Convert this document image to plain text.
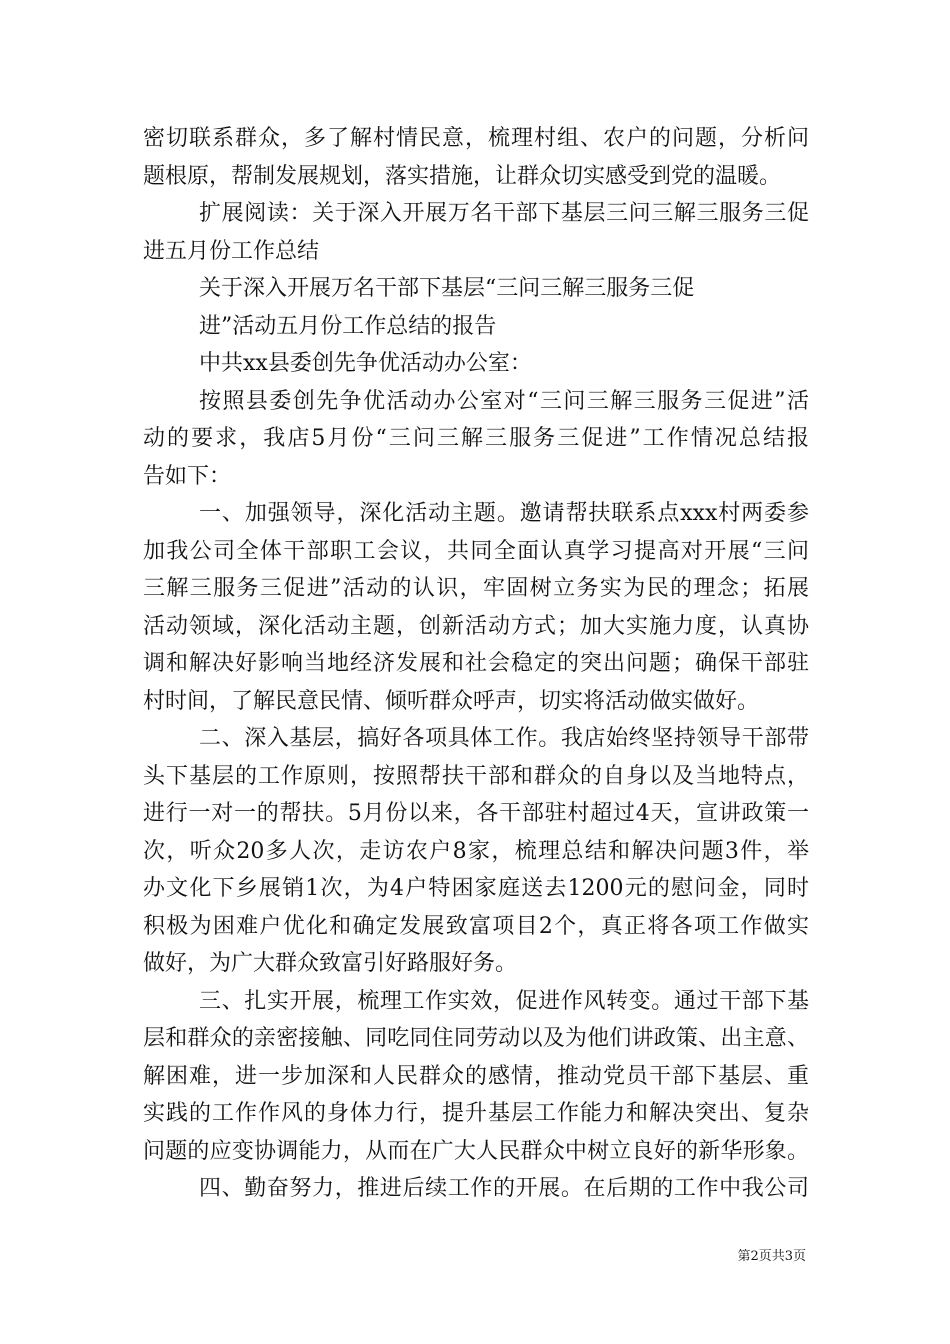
密切联系群众，多了解村情民意，梳理村组、农户的问题，分析问
题根原，帮制发展规划，落实措施，让群众切实感受到党的温暖。
扩展阅读：关于深入开展万名干部下基层三问三解三服务三促
进五月份工作总结
关于深入开展万名干部下基层“三问三解三服务三促
进”活动五月份工作总结的报告
中共xx县委创先争优活动办公室：
按照县委创先争优活动办公室对“三问三解三服务三促进”活
动的要求，我店5月份“三问三解三服务三促进”工作情况总结报
告如下：
一、加强领导，深化活动主题。邀请帮扶联系点xxx村两委参
加我公司全体干部职工会议，共同全面认真学习提高对开展“三问
三解三服务三促进”活动的认识，牢固树立务实为民的理念；拓展
活动领域，深化活动主题，创新活动方式；加大实施力度，认真协
调和解决好影响当地经济发展和社会稳定的突出问题；确保干部驻
村时间，了解民意民情、倾听群众呼声，切实将活动做实做好。
二、深入基层，搞好各项具体工作。我店始终坚持领导干部带
头下基层的工作原则，按照帮扶干部和群众的自身以及当地特点，
进行一对一的帮扶。5月份以来，各干部驻村超过4天，宣讲政策一
次，听众20多人次，走访农户8家，梳理总结和解决问题3件，举
办文化下乡展销1次，为4户特困家庭送去1200元的慰问金，同时
积极为困难户优化和确定发展致富项目2个，真正将各项工作做实
做好，为广大群众致富引好路服好务。
三、扎实开展，梳理工作实效，促进作风转变。通过干部下基
层和群众的亲密接触、同吃同住同劳动以及为他们讲政策、出主意、
解困难，进一步加深和人民群众的感情，推动党员干部下基层、重
实践的工作作风的身体力行，提升基层工作能力和解决突出、复杂
问题的应变协调能力，从而在广大人民群众中树立良好的新华形象。
四、勤奋努力，推进后续工作的开展。在后期的工作中我公司
第2页共3页
